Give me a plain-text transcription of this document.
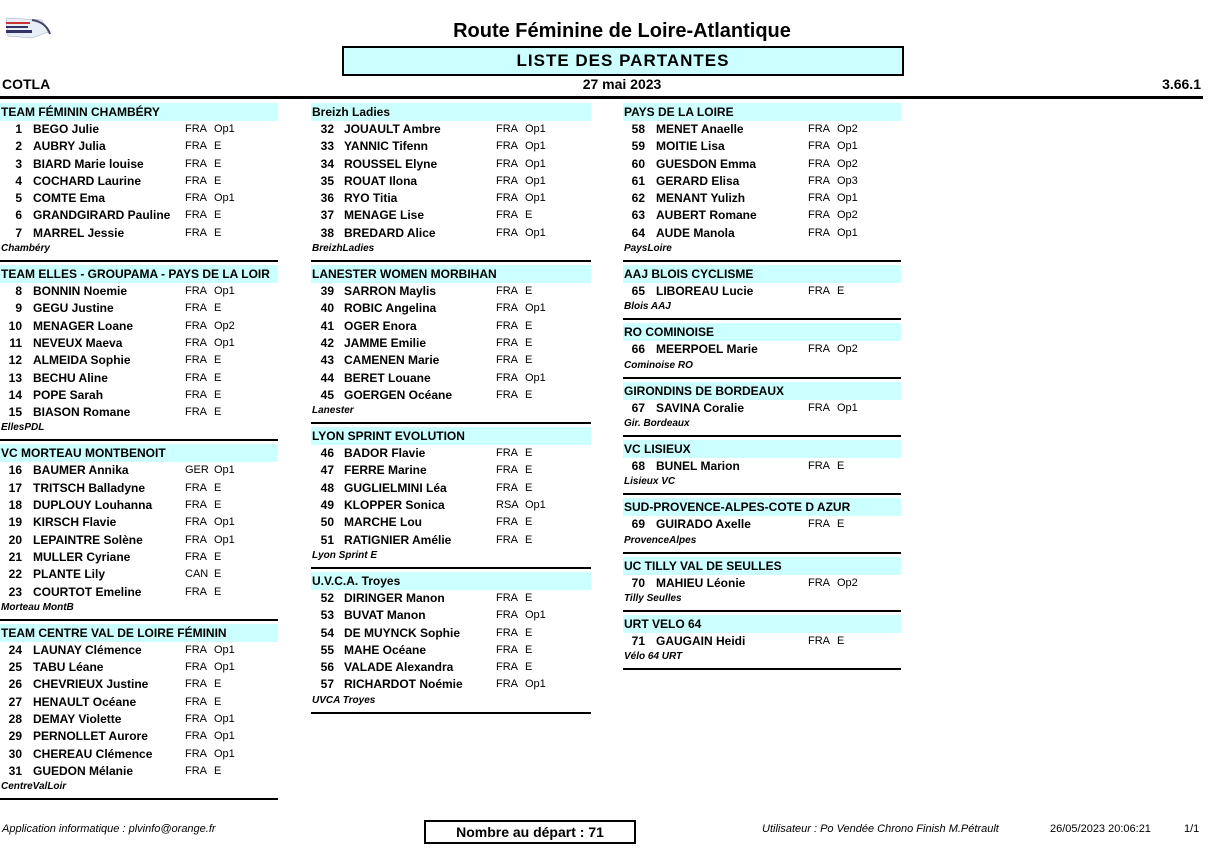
Route Féminine de Loire-Atlantique
LISTE DES PARTANTES
COTLA	27 mai 2023	3.66.1
TEAM FÉMININ CHAMBÉRY
1 BEGO Julie	FRA Op1
2 AUBRY Julia	FRA E
3 BIARD Marie louise	FRA E
4 COCHARD Laurine	FRA E
5 COMTE Ema	FRA Op1
6 GRANDGIRARD Pauline FRA E
7 MARREL Jessie	FRA E
Chambéry
TEAM ELLES - GROUPAMA - PAYS DE LA LOIR
8 BONNIN Noemie	FRA Op1
9 GEGU Justine	FRA E
10 MENAGER Loane	FRA Op2
11 NEVEUX Maeva	FRA Op1
12 ALMEIDA Sophie	FRA E
13 BECHU Aline	FRA E
14 POPE Sarah	FRA E
15 BIASON Romane	FRA E
EllesPDL
VC MORTEAU MONTBENOIT
16 BAUMER Annika	GER Op1
17 TRITSCH Balladyne	FRA E
18 DUPLOUY Louhanna	FRA E
19 KIRSCH Flavie	FRA Op1
20 LEPAINTRE Solène	FRA Op1
21 MULLER Cyriane	FRA E
22 PLANTE Lily	CAN E
23 COURTOT Emeline	FRA E
Morteau MontB
TEAM CENTRE VAL DE LOIRE FÉMININ
24 LAUNAY Clémence	FRA Op1
25 TABU Léane	FRA Op1
26 CHEVRIEUX Justine	FRA E
27 HENAULT Océane	FRA E
28 DEMAY Violette	FRA Op1
29 PERNOLLET Aurore	FRA Op1
30 CHEREAU Clémence	FRA Op1
31 GUEDON Mélanie	FRA E
CentreValLoir
Breizh Ladies
32 JOUAULT Ambre	FRA Op1
33 YANNIC Tifenn	FRA Op1
34 ROUSSEL Elyne	FRA Op1
35 ROUAT Ilona	FRA Op1
36 RYO Titia	FRA Op1
37 MENAGE Lise	FRA E
38 BREDARD Alice	FRA Op1
BreizhLadies
LANESTER WOMEN MORBIHAN
39 SARRON Maylis	FRA E
40 ROBIC Angelina	FRA Op1
41 OGER Enora	FRA E
42 JAMME Emilie	FRA E
43 CAMENEN Marie	FRA E
44 BERET Louane	FRA Op1
45 GOERGEN Océane	FRA E
Lanester
LYON SPRINT EVOLUTION
46 BADOR Flavie	FRA E
47 FERRE Marine	FRA E
48 GUGLIELMINI Léa	FRA E
49 KLOPPER Sonica	RSA Op1
50 MARCHE Lou	FRA E
51 RATIGNIER Amélie	FRA E
Lyon Sprint E
U.V.C.A. Troyes
52 DIRINGER Manon	FRA E
53 BUVAT Manon	FRA Op1
54 DE MUYNCK Sophie	FRA E
55 MAHE Océane	FRA E
56 VALADE Alexandra	FRA E
57 RICHARDOT Noémie	FRA Op1
UVCA Troyes
PAYS DE LA LOIRE
58 MENET Anaelle	FRA Op2
59 MOITIE Lisa	FRA Op1
60 GUESDON Emma	FRA Op2
61 GERARD Elisa	FRA Op3
62 MENANT Yulizh	FRA Op1
63 AUBERT Romane	FRA Op2
64 AUDE Manola	FRA Op1
PaysLoire
AAJ BLOIS CYCLISME
65 LIBOREAU Lucie	FRA E
Blois AAJ
RO COMINOISE
66 MEERPOEL Marie	FRA Op2
Cominoise RO
GIRONDINS DE BORDEAUX
67 SAVINA Coralie	FRA Op1
Gir. Bordeaux
VC LISIEUX
68 BUNEL Marion	FRA E
Lisieux VC
SUD-PROVENCE-ALPES-COTE D AZUR
69 GUIRADO Axelle	FRA E
ProvenceAlpes
UC TILLY VAL DE SEULLES
70 MAHIEU Léonie	FRA Op2
Tilly Seulles
URT VELO 64
71 GAUGAIN Heidi	FRA E
Vélo 64 URT
Application informatique : plvinfo@orange.fr	Nombre au départ : 71	Utilisateur : Po Vendée Chrono Finish M.Pétrault	26/05/2023 20:06:21	1/1
